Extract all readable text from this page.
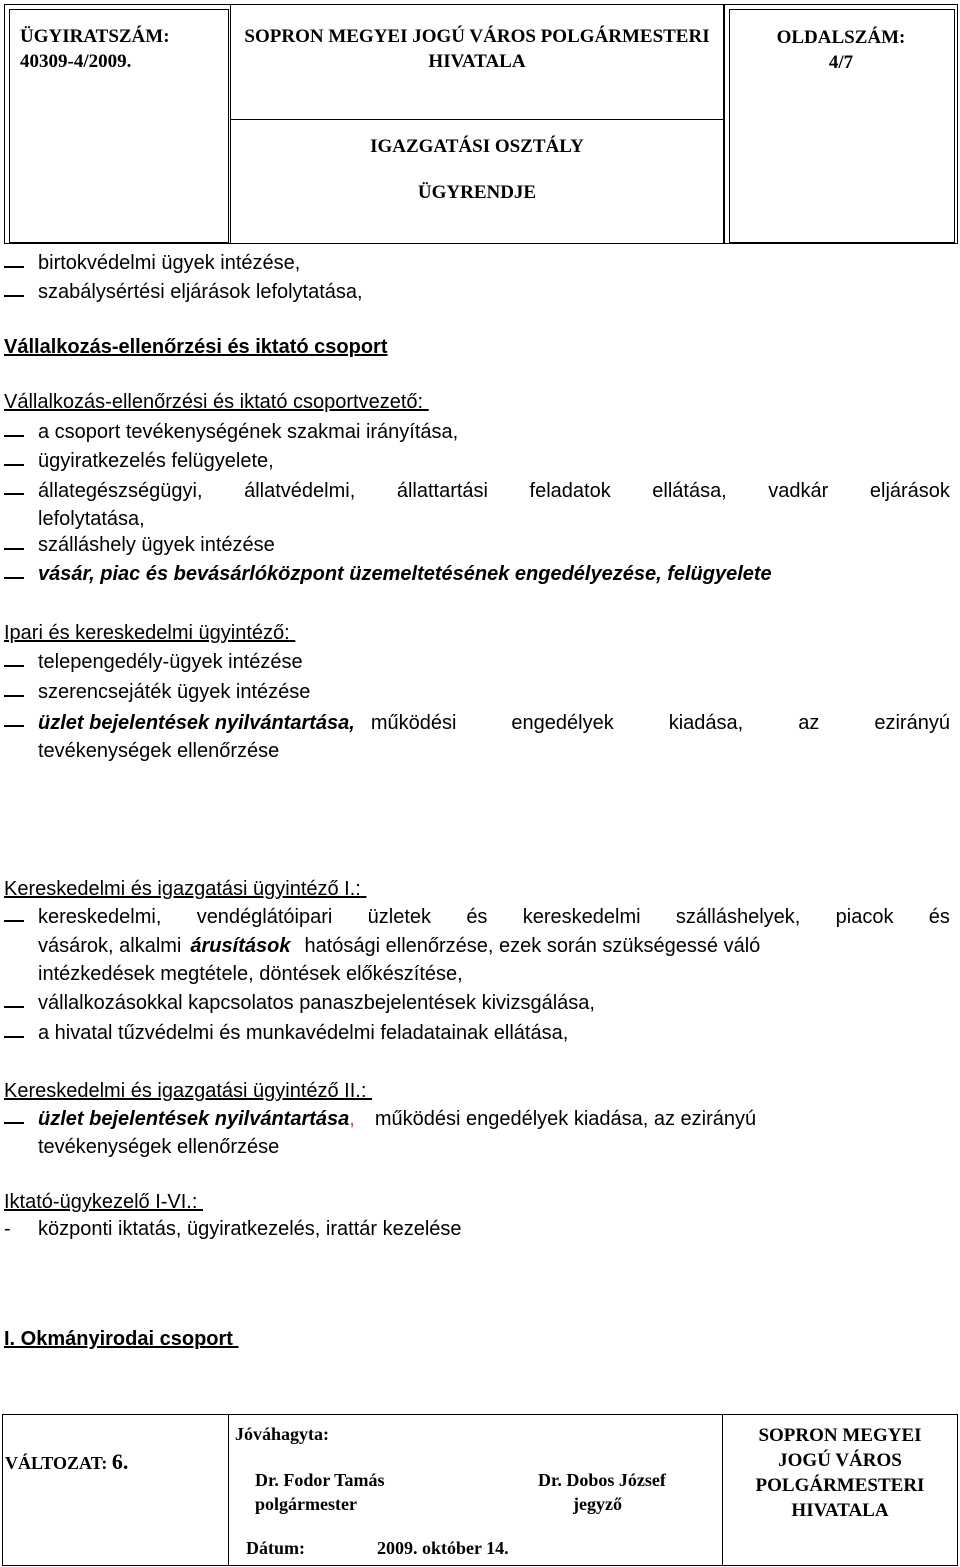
ÜGYIRATSZÁM:
40309-4/2009.
SOPRON MEGYEI JOGÚ VÁROS POLGÁRMESTERI
HIVATALA
OLDALSZÁM:
4/7
IGAZGATÁSI OSZTÁLY
ÜGYRENDJE
birtokvédelmi ügyek intézése,
szabálysértési eljárások lefolytatása,
Vállalkozás-ellenőrzési és iktató csoport
Vállalkozás-ellenőrzési és iktató csoportvezető:
a csoport tevékenységének szakmai irányítása,
ügyiratkezelés felügyelete,
állategészségügyi, állatvédelmi, állattartási feladatok ellátása, vadkár eljárások
lefolytatása,
szálláshely ügyek intézése
vásár, piac és bevásárlóközpont üzemeltetésének engedélyezése, felügyelete
Ipari és kereskedelmi ügyintéző:
telepengedély-ügyek intézése
szerencsejáték ügyek intézése
üzlet bejelentések nyilvántartása, működési	engedélyek	kiadása,	az	ezirányú
tevékenységek ellenőrzése
Kereskedelmi és igazgatási ügyintéző I.:
kereskedelmi, vendéglátóipari üzletek és kereskedelmi szálláshelyek, piacok és
vásárok, alkalmi árusítások hatósági ellenőrzése, ezek során szükségessé váló
intézkedések megtétele, döntések előkészítése,
vállalkozásokkal kapcsolatos panaszbejelentések kivizsgálása,
a hivatal tűzvédelmi és munkavédelmi feladatainak ellátása,
Kereskedelmi és igazgatási ügyintéző II.:
üzlet bejelentések nyilvántartása , működési engedélyek kiadása, az ezirányú
tevékenységek ellenőrzése
Iktató-ügykezelő I-VI.:
- központi iktatás, ügyiratkezelés, irattár kezelése
I. Okmányirodai csoport
VÁLTOZAT: 6.
Jóváhagyta:
Dr. Fodor Tamás
polgármester
Dr. Dobos József
jegyző
Dátum:	2009. október 14.
SOPRON MEGYEI
JOGÚ VÁROS
POLGÁRMESTERI
HIVATALA
